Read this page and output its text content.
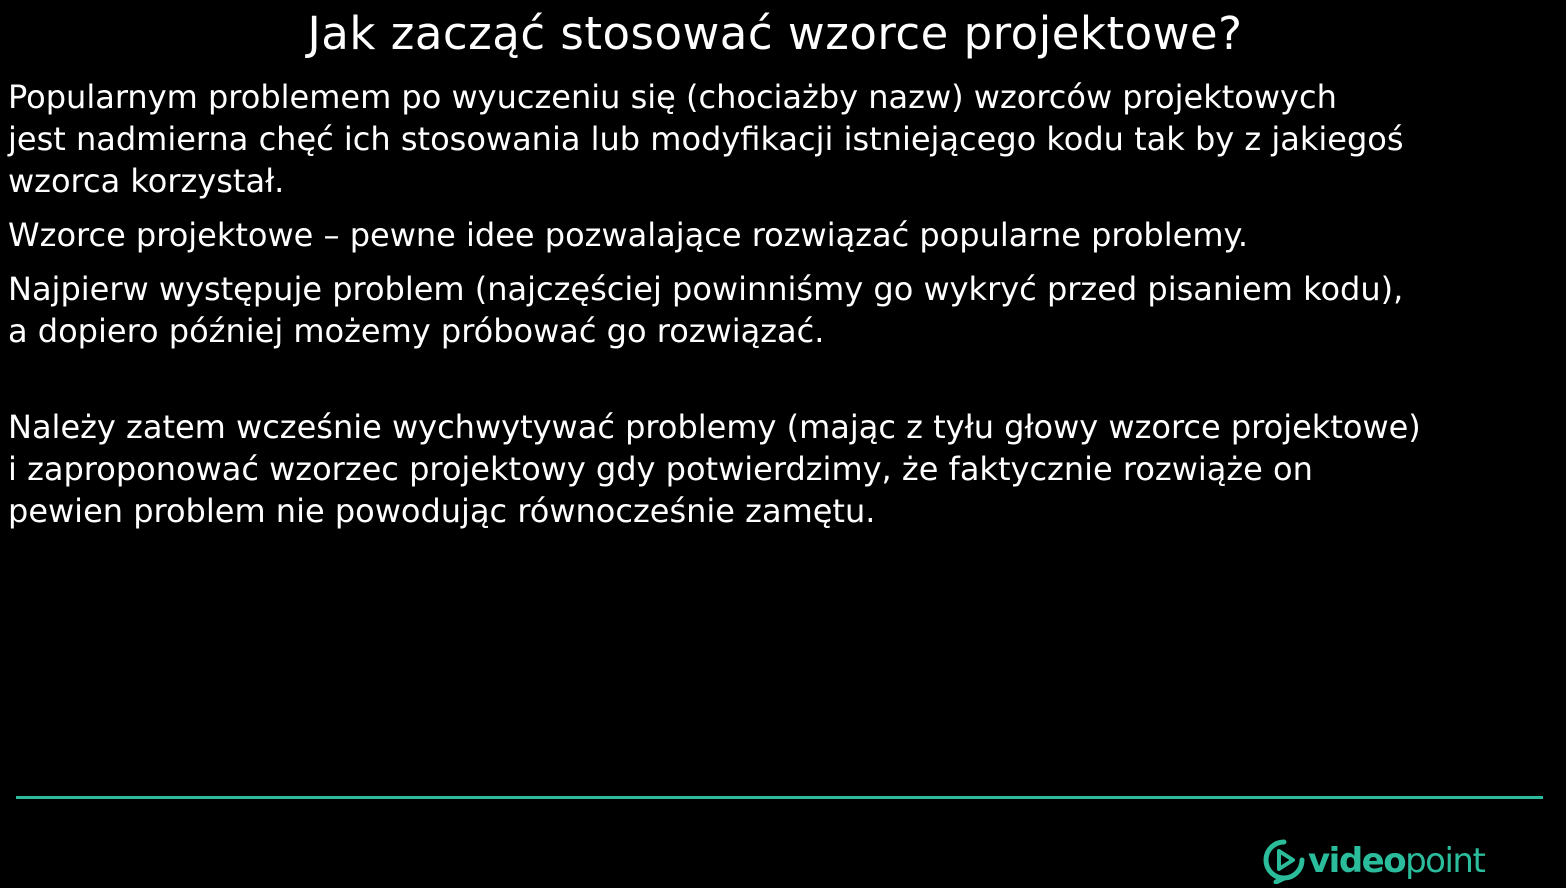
Jak zacząć stosować wzorce projektowe?

Popularnym problemem po wyuczeniu się (chociażby nazw) wzorców projektowych
jest nadmierna chęć ich stosowania lub modyfikacji istniejącego kodu tak by z jakiegoś
wzorca korzystał.

Wzorce projektowe – pewne idee pozwalające rozwiązać popularne problemy.

Najpierw występuje problem (najczęściej powinniśmy go wykryć przed pisaniem kodu),
a dopiero później możemy próbować go rozwiązać.

Należy zatem wcześnie wychwytywać problemy (mając z tyłu głowy wzorce projektowe)
i zaproponować wzorzec projektowy gdy potwierdzimy, że faktycznie rozwiąże on
pewien problem nie powodując równocześnie zamętu.

videopoint
